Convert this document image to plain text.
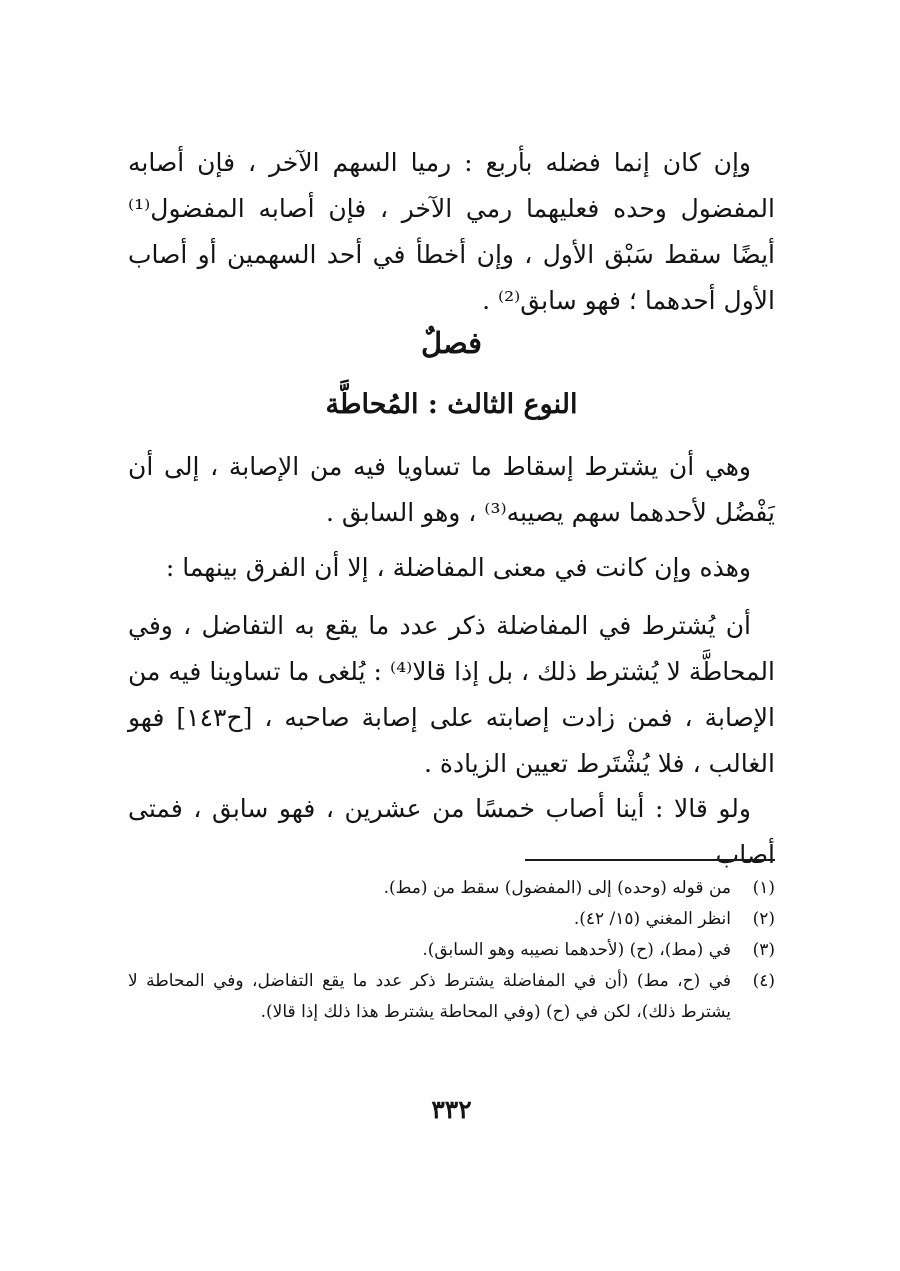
وإن كان إنما فضله بأربع : رميا السهم الآخر ، فإن أصابه المفضول وحده فعليهما رمي الآخر ، فإن أصابه المفضول⁽¹⁾ أيضًا سقط سَبْق الأول ، وإن أخطأ في أحد السهمين أو أصاب الأول أحدهما ؛ فهو سابق⁽²⁾ .

فصلٌ
النوع الثالث : المُحاطَّة

وهي أن يشترط إسقاط ما تساويا فيه من الإصابة ، إلى أن يَفْضُل لأحدهما سهم يصيبه⁽³⁾ ، وهو السابق .

وهذه وإن كانت في معنى المفاضلة ، إلا أن الفرق بينهما :

أن يُشترط في المفاضلة ذكر عدد ما يقع به التفاضل ، وفي المحاطَّة لا يُشترط ذلك ، بل إذا قالا⁽⁴⁾ : يُلغى ما تساوينا فيه من الإصابة ، فمن زادت إصابته على إصابة صاحبه ، [ح١٤٣] فهو الغالب ، فلا يُشْتَرط تعيين الزيادة .

ولو قالا : أينا أصاب خمسًا من عشرين ، فهو سابق ، فمتى أصاب

(١)
من قوله (وحده) إلى (المفضول) سقط من (مط).

(٢)
انظر المغني (١٥/ ٤٢).

(٣)
في (مط)، (ح) (لأحدهما نصيبه وهو السابق).

(٤)
في (ح، مط) (أن في المفاضلة يشترط ذكر عدد ما يقع التفاضل، وفي المحاطة لا يشترط ذلك)، لكن في (ح) (وفي المحاطة يشترط هذا ذلك إذا قالا).

٣٣٢
